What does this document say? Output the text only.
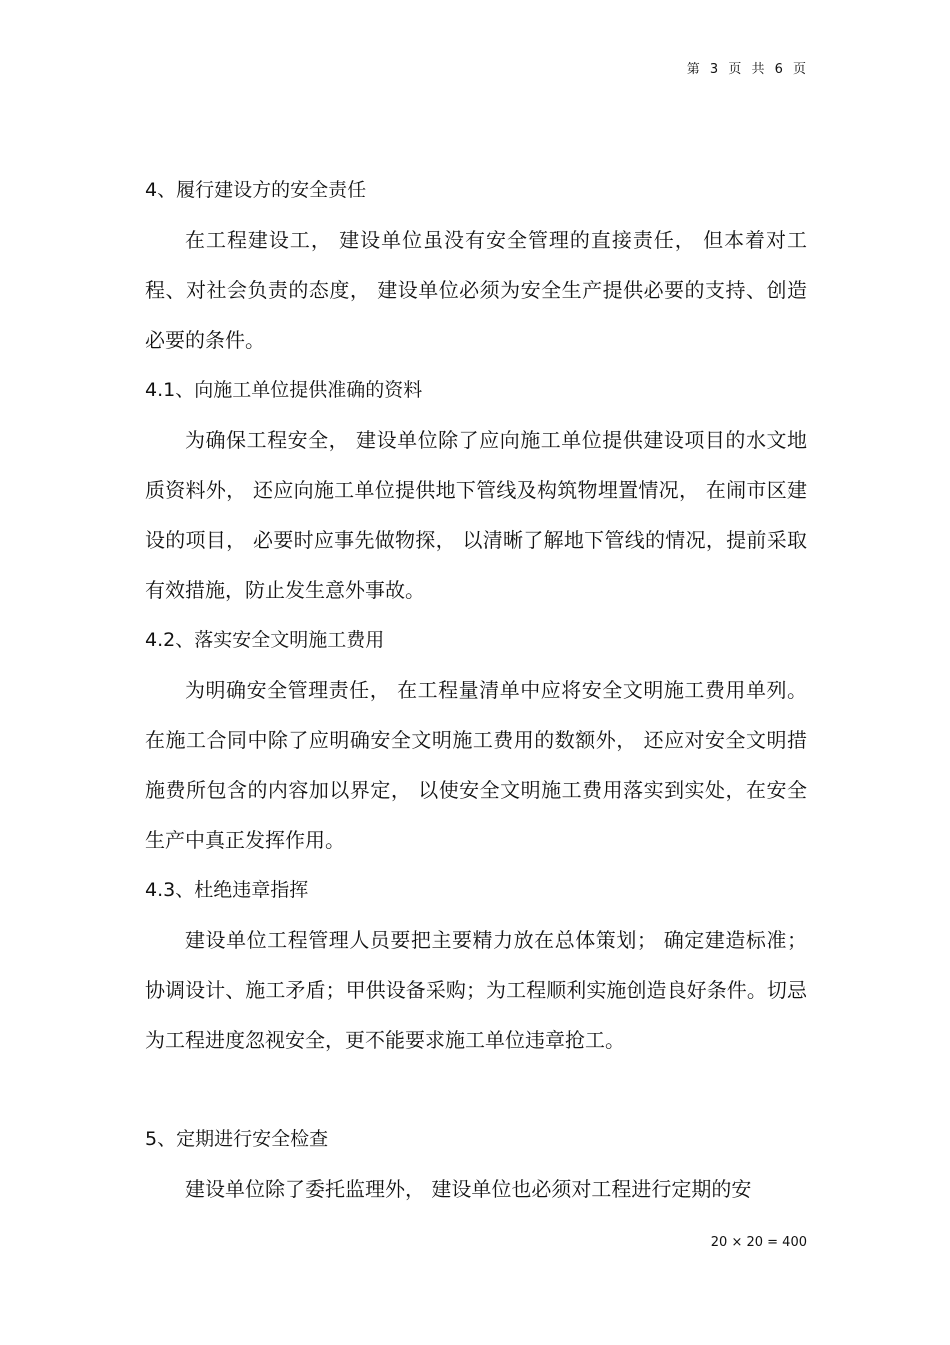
第 3 页 共 6 页
4、履行建设方的安全责任

在工程建设工， 建设单位虽没有安全管理的直接责任， 但本着对工程、对社会负责的态度， 建设单位必须为安全生产提供必要的支持、创造必要的条件。

4.1、向施工单位提供准确的资料

为确保工程安全， 建设单位除了应向施工单位提供建设项目的水文地质资料外， 还应向施工单位提供地下管线及构筑物埋置情况， 在闹市区建设的项目， 必要时应事先做物探， 以清晰了解地下管线的情况，提前采取有效措施，防止发生意外事故。

4.2、落实安全文明施工费用

为明确安全管理责任， 在工程量清单中应将安全文明施工费用单列。在施工合同中除了应明确安全文明施工费用的数额外， 还应对安全文明措施费所包含的内容加以界定， 以使安全文明施工费用落实到实处，在安全生产中真正发挥作用。

4.3、杜绝违章指挥

建设单位工程管理人员要把主要精力放在总体策划； 确定建造标准；协调设计、施工矛盾；甲供设备采购；为工程顺利实施创造良好条件。切忌为工程进度忽视安全，更不能要求施工单位违章抢工。

5、定期进行安全检查

建设单位除了委托监理外， 建设单位也必须对工程进行定期的安

20 × 20 = 400
